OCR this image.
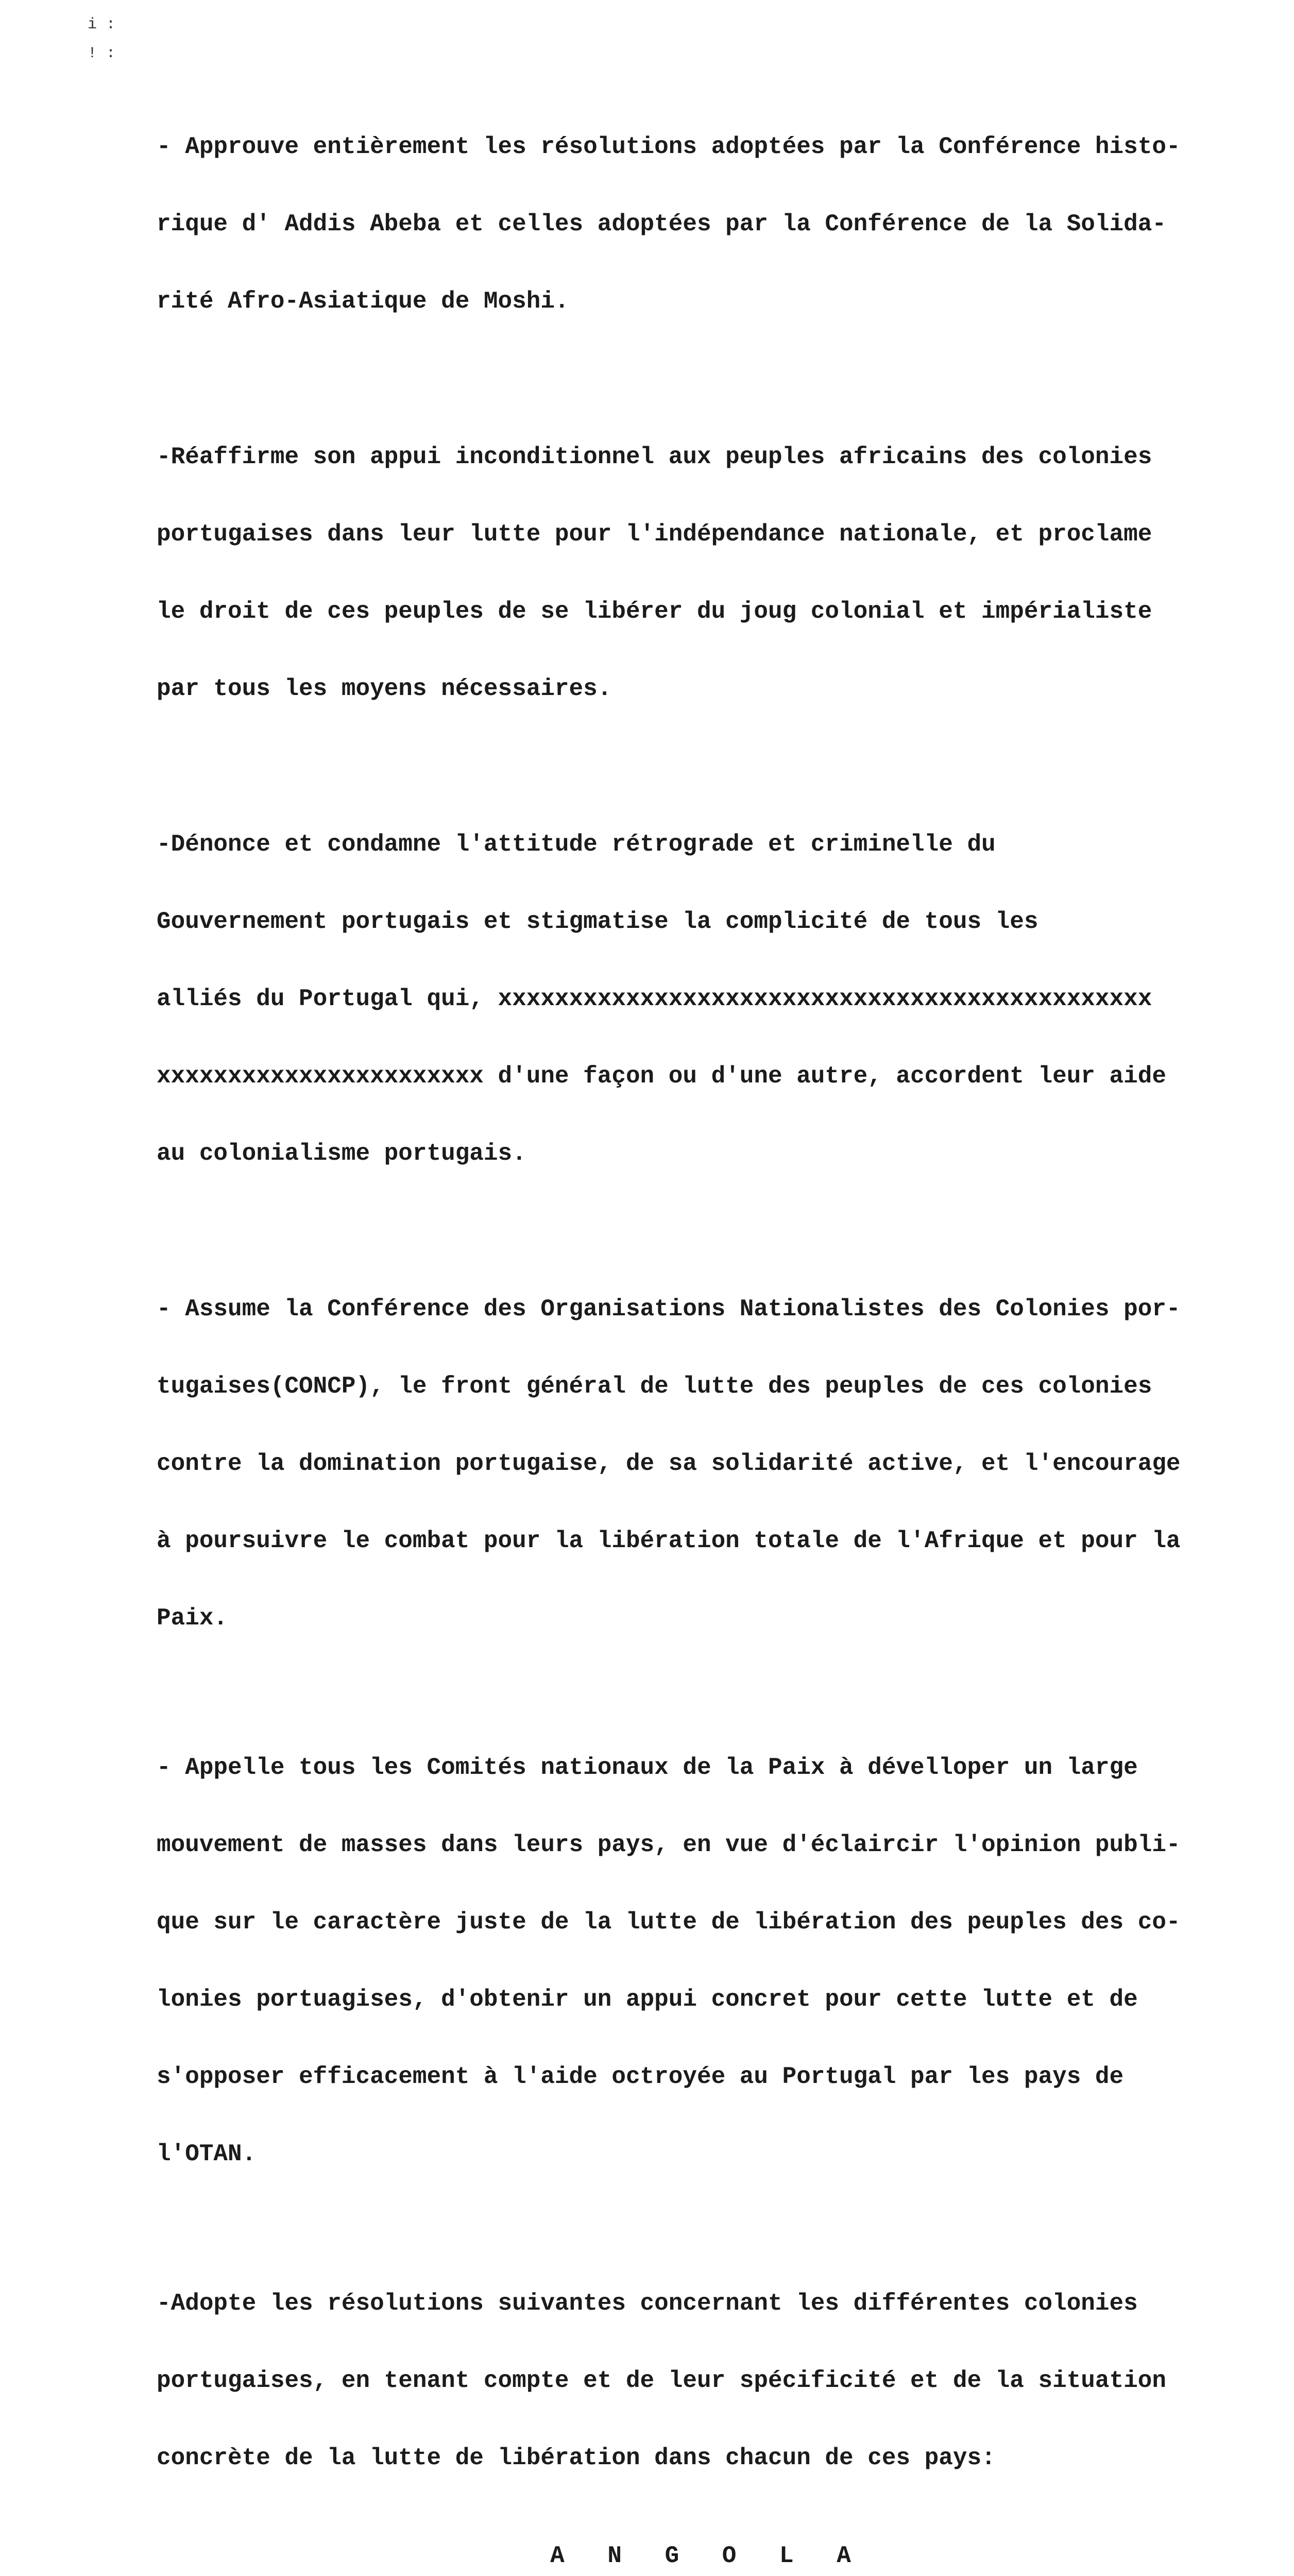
i :
! :

- Approuve entièrement les résolutions adoptées par la Conférence histo-

rique d' Addis Abeba et celles adoptées par la Conférence de la Solida-

rité Afro-Asiatique de Moshi.

-Réaffirme son appui inconditionnel aux peuples africains des colonies

portugaises dans leur lutte pour l'indépendance nationale, et proclame

le droit de ces peuples de se libérer du joug colonial et impérialiste

par tous les moyens nécessaires.

-Dénonce et condamne l'attitude rétrograde et criminelle du

Gouvernement portugais et stigmatise la complicité de tous les

alliés du Portugal qui, xxxxxxxxxxxxxxxxxxxxxxxxxxxxxxxxxxxxxxxxxxxxxx

xxxxxxxxxxxxxxxxxxxxxxx d'une façon ou d'une autre, accordent leur aide

au colonialisme portugais.

- Assume la Conférence des Organisations Nationalistes des Colonies por-

tugaises(CONCP), le front général de lutte des peuples de ces colonies

contre la domination portugaise, de sa solidarité active, et l'encourage

à poursuivre le combat pour la libération totale de l'Afrique et pour la

Paix.

- Appelle tous les Comités nationaux de la Paix à dévelloper un large

mouvement de masses dans leurs pays, en vue d'éclaircir l'opinion publi-

que sur le caractère juste de la lutte de libération des peuples des co-

lonies portuagises, d'obtenir un appui concret pour cette lutte et de

s'opposer efficacement à l'aide octroyée au Portugal par les pays de

l'OTAN.

-Adopte les résolutions suivantes concernant les différentes colonies

portugaises, en tenant compte et de leur spécificité et de la situation

concrète de la lutte de libération dans chacun de ces pays:

A N G O L A
